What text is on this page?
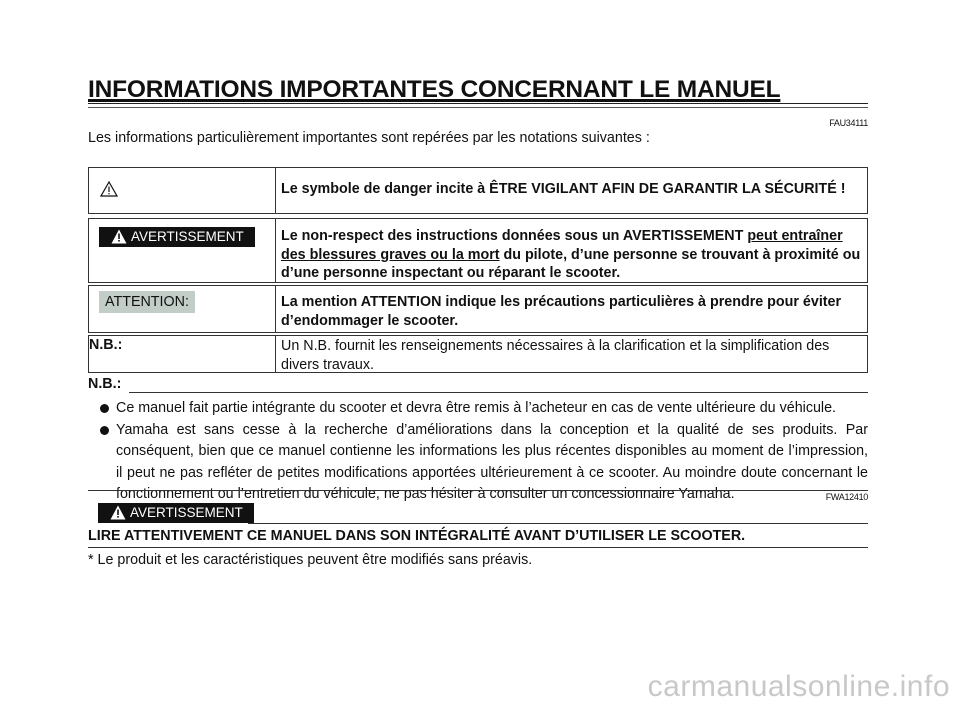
INFORMATIONS IMPORTANTES CONCERNANT LE MANUEL
FAU34111
Les informations particulièrement importantes sont repérées par les notations suivantes :
Le symbole de danger incite à ÊTRE VIGILANT AFIN DE GARANTIR LA SÉCURITÉ !
AVERTISSEMENT	Le non-respect des instructions données sous un AVERTISSEMENT peut entraîner des blessures graves ou la mort du pilote, d’une personne se trouvant à proximité ou d’une personne inspectant ou réparant le scooter.
ATTENTION:	La mention ATTENTION indique les précautions particulières à prendre pour éviter d’endommager le scooter.
N.B.:	Un N.B. fournit les renseignements nécessaires à la clarification et la simplification des divers travaux.
N.B.:
Ce manuel fait partie intégrante du scooter et devra être remis à l’acheteur en cas de vente ultérieure du véhicule.
Yamaha est sans cesse à la recherche d’améliorations dans la conception et la qualité de ses produits. Par conséquent, bien que ce manuel contienne les informations les plus récentes disponibles au moment de l’impression, il peut ne pas refléter de petites modifications apportées ultérieurement à ce scooter. Au moindre doute concernant le fonctionnement ou l’entretien du véhicule, ne pas hésiter à consulter un concessionnaire Yamaha.	FWA12410
AVERTISSEMENT
LIRE ATTENTIVEMENT CE MANUEL DANS SON INTÉGRALITÉ AVANT D’UTILISER LE SCOOTER.
* Le produit et les caractéristiques peuvent être modifiés sans préavis.
carmanualsonline.info
